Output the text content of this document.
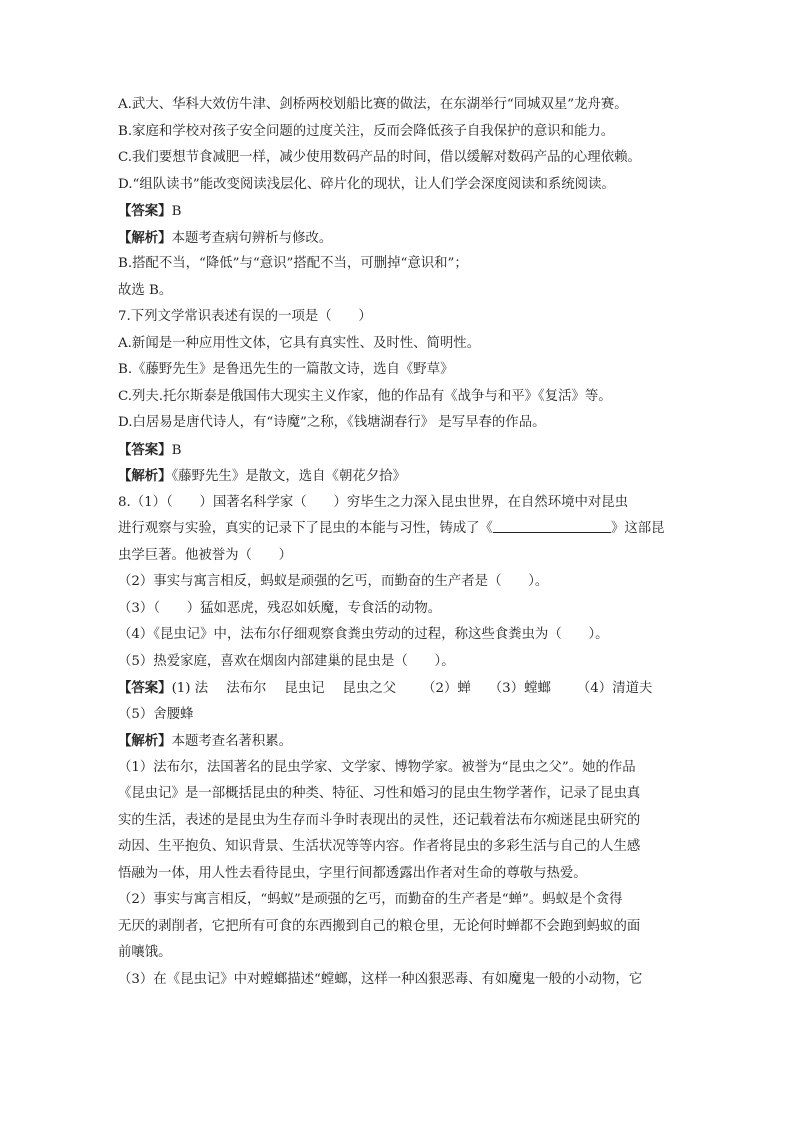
A.武大、华科大效仿牛津、剑桥两校划船比赛的做法，在东湖举行“同城双星”龙舟赛。

B.家庭和学校对孩子安全问题的过度关注，反而会降低孩子自我保护的意识和能力。

C.我们要想节食减肥一样，减少使用数码产品的时间，借以缓解对数码产品的心理依赖。

D.“组队读书”能改变阅读浅层化、碎片化的现状，让人们学会深度阅读和系统阅读。

【答案】B

【解析】本题考查病句辨析与修改。

B.搭配不当，“降低”与“意识”搭配不当，可删掉“意识和”；

故选 B。

7.下列文学常识表述有误的一项是（　　）

A.新闻是一种应用性文体，它具有真实性、及时性、简明性。

B.《藤野先生》是鲁迅先生的一篇散文诗，选自《野草》

C.列夫.托尔斯泰是俄国伟大现实主义作家，他的作品有《战争与和平》《复活》等。

D.白居易是唐代诗人，有“诗魔”之称，《钱塘湖春行》 是写早春的作品。

【答案】B

【解析】《藤野先生》是散文，选自《朝花夕拾》

8.（1）（　　）国著名科学家（　　）穷毕生之力深入昆虫世界，在自然环境中对昆虫

进行观察与实验，真实的记录下了昆虫的本能与习性，铸成了《	》这部昆

虫学巨著。他被誉为（　　）

（2）事实与寓言相反，蚂蚁是顽强的乞丐，而勤奋的生产者是（　　）。

（3）（　　）猛如恶虎，残忍如妖魔，专食活的动物。

（4）《昆虫记》中，法布尔仔细观察食粪虫劳动的过程，称这些食粪虫为（　　）。

（5）热爱家庭，喜欢在烟囱内部建巢的昆虫是（　　）。

【答案】(1) 法 法布尔 昆虫记 昆虫之父 （2）蝉 （3）螳螂 （4）清道夫

（5）舍腰蜂

【解析】本题考查名著积累。

（1）法布尔，法国著名的昆虫学家、文学家、博物学家。被誉为“昆虫之父”。她的作品

《昆虫记》是一部概括昆虫的种类、特征、习性和婚习的昆虫生物学著作，记录了昆虫真

实的生活，表述的是昆虫为生存而斗争时表现出的灵性，还记载着法布尔痴迷昆虫研究的

动因、生平抱负、知识背景、生活状况等等内容。作者将昆虫的多彩生活与自己的人生感

悟融为一体，用人性去看待昆虫，字里行间都透露出作者对生命的尊敬与热爱。

（2）事实与寓言相反，“蚂蚁”是顽强的乞丐，而勤奋的生产者是“蝉”。蚂蚁是个贪得

无厌的剥削者，它把所有可食的东西搬到自己的粮仓里，无论何时蝉都不会跑到蚂蚁的面

前嚷饿。

（3）在《昆虫记》中对螳螂描述“螳螂，这样一种凶狠恶毒、有如魔鬼一般的小动物，它
